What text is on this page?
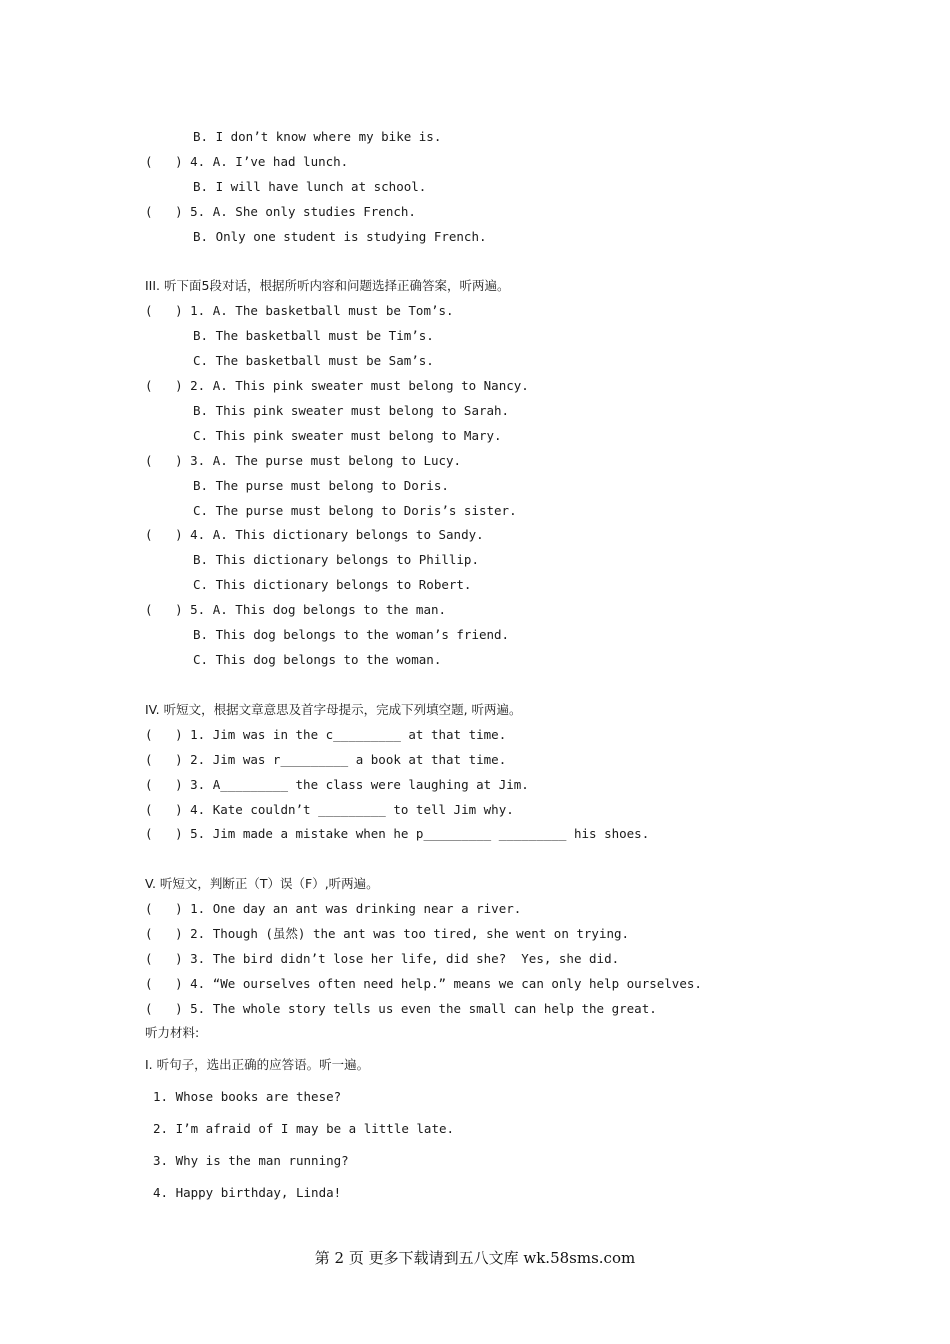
B. I don’t know where my bike is.
(   ) 4. A. I’ve had lunch.
B. I will have lunch at school.
(   ) 5. A. She only studies French.
B. Only one student is studying French.
III. 听下面5段对话，根据所听内容和问题选择正确答案，听两遍。
(   ) 1. A. The basketball must be Tom’s.
B. The basketball must be Tim’s.
C. The basketball must be Sam’s.
(   ) 2. A. This pink sweater must belong to Nancy.
B. This pink sweater must belong to Sarah.
C. This pink sweater must belong to Mary.
(   ) 3. A. The purse must belong to Lucy.
B. The purse must belong to Doris.
C. The purse must belong to Doris’s sister.
(   ) 4. A. This dictionary belongs to Sandy.
B. This dictionary belongs to Phillip.
C. This dictionary belongs to Robert.
(   ) 5. A. This dog belongs to the man.
B. This dog belongs to the woman’s friend.
C. This dog belongs to the woman.
IV. 听短文，根据文章意思及首字母提示，完成下列填空题, 听两遍。
(   ) 1. Jim was in the c_________ at that time.
(   ) 2. Jim was r_________ a book at that time.
(   ) 3. A_________ the class were laughing at Jim.
(   ) 4. Kate couldn’t _________ to tell Jim why.
(   ) 5. Jim made a mistake when he p_________ _________ his shoes.
V. 听短文，判断正（T）误（F）,听两遍。
(   ) 1. One day an ant was drinking near a river.
(   ) 2. Though (虽然) the ant was too tired, she went on trying.
(   ) 3. The bird didn’t lose her life, did she?  Yes, she did.
(   ) 4. “We ourselves often need help.” means we can only help ourselves.
(   ) 5. The whole story tells us even the small can help the great.
听力材料:
I. 听句子，选出正确的应答语。听一遍。
1. Whose books are these?
2. I’m afraid of I may be a little late.
3. Why is the man running?
4. Happy birthday, Linda!
第 2 页 更多下载请到五八文库 wk.58sms.com
